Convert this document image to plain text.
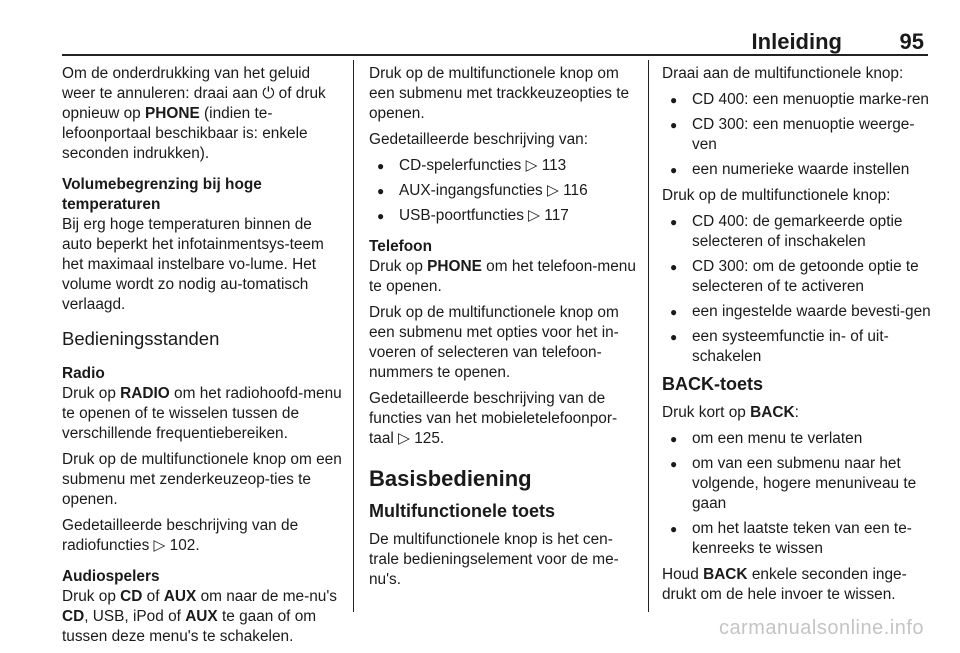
Inleiding	95

Om de onderdrukking van het geluid weer te annuleren: draai aan ⏻ of druk opnieuw op PHONE (indien te-lefoonportaal beschikbaar is: enkele seconden indrukken).

Volumebegrenzing bij hoge temperaturen

Bij erg hoge temperaturen binnen de auto beperkt het infotainmentsys-teem het maximaal instelbare vo-lume. Het volume wordt zo nodig au-tomatisch verlaagd.

Bedieningsstanden
Radio

Druk op RADIO om het radiohoofd-menu te openen of te wisselen tussen de verschillende frequentiebereiken.

Druk op de multifunctionele knop om een submenu met zenderkeuzeop-ties te openen.

Gedetailleerde beschrijving van de radiofuncties ▷ 102.

Audiospelers

Druk op CD of AUX om naar de me-nu's CD, USB, iPod of AUX te gaan of om tussen deze menu's te schakelen.

Druk op de multifunctionele knop om een submenu met trackkeuzeopties te openen.

Gedetailleerde beschrijving van:

● CD-spelerfuncties ▷ 113
● AUX-ingangsfuncties ▷ 116
● USB-poortfuncties ▷ 117
Telefoon

Druk op PHONE om het telefoon-menu te openen.

Druk op de multifunctionele knop om een submenu met opties voor het in-voeren of selecteren van telefoon-nummers te openen.

Gedetailleerde beschrijving van de functies van het mobieletelefoonpor-taal ▷ 125.

Basisbediening
Multifunctionele toets

De multifunctionele knop is het cen-trale bedieningselement voor de me-nu's.

Draai aan de multifunctionele knop:

● CD 400: een menuoptie marke-ren
● CD 300: een menuoptie weerge-ven
● een numerieke waarde instellen

Druk op de multifunctionele knop:

● CD 400: de gemarkeerde optie selecteren of inschakelen
● CD 300: om de getoonde optie te selecteren of te activeren
● een ingestelde waarde bevesti-gen
● een systeemfunctie in- of uit-schakelen
BACK-toets

Druk kort op BACK:

● om een menu te verlaten
● om van een submenu naar het volgende, hogere menuniveau te gaan
● om het laatste teken van een te-kenreeks te wissen

Houd BACK enkele seconden inge-drukt om de hele invoer te wissen.

carmanualsonline.info
